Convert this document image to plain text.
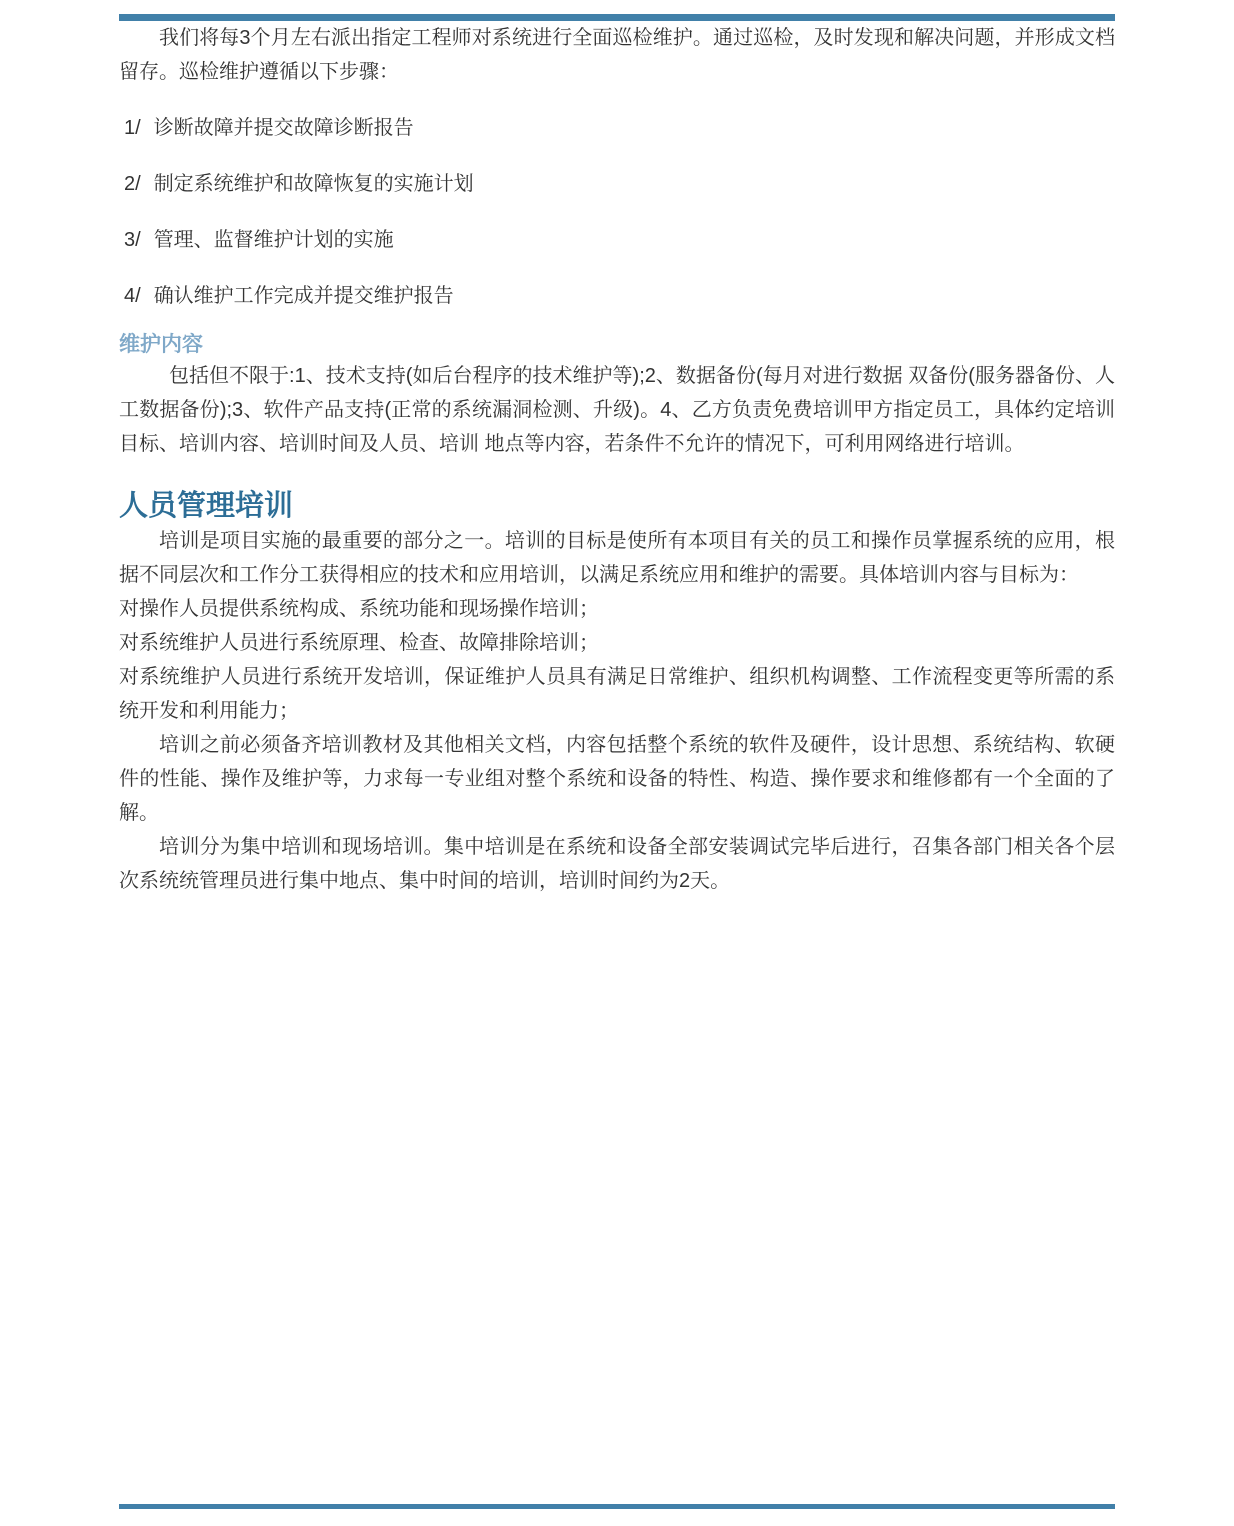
我们将每3个月左右派出指定工程师对系统进行全面巡检维护。通过巡检，及时发现和解决问题，并形成文档留存。巡检维护遵循以下步骤：

1/ 诊断故障并提交故障诊断报告
2/ 制定系统维护和故障恢复的实施计划
3/ 管理、监督维护计划的实施
4/ 确认维护工作完成并提交维护报告
维护内容

包括但不限于:1、技术支持(如后台程序的技术维护等);2、数据备份(每月对进行数据 双备份(服务器备份、人工数据备份);3、软件产品支持(正常的系统漏洞检测、升级)。4、乙方负责免费培训甲方指定员工，具体约定培训目标、培训内容、培训时间及人员、培训 地点等内容，若条件不允许的情况下，可利用网络进行培训。

人员管理培训

培训是项目实施的最重要的部分之一。培训的目标是使所有本项目有关的员工和操作员掌握系统的应用，根据不同层次和工作分工获得相应的技术和应用培训，以满足系统应用和维护的需要。具体培训内容与目标为：

对操作人员提供系统构成、系统功能和现场操作培训；

对系统维护人员进行系统原理、检查、故障排除培训；

对系统维护人员进行系统开发培训，保证维护人员具有满足日常维护、组织机构调整、工作流程变更等所需的系统开发和利用能力；

培训之前必须备齐培训教材及其他相关文档，内容包括整个系统的软件及硬件，设计思想、系统结构、软硬件的性能、操作及维护等，力求每一专业组对整个系统和设备的特性、构造、操作要求和维修都有一个全面的了解。

培训分为集中培训和现场培训。集中培训是在系统和设备全部安装调试完毕后进行，召集各部门相关各个层次系统统管理员进行集中地点、集中时间的培训，培训时间约为2天。
